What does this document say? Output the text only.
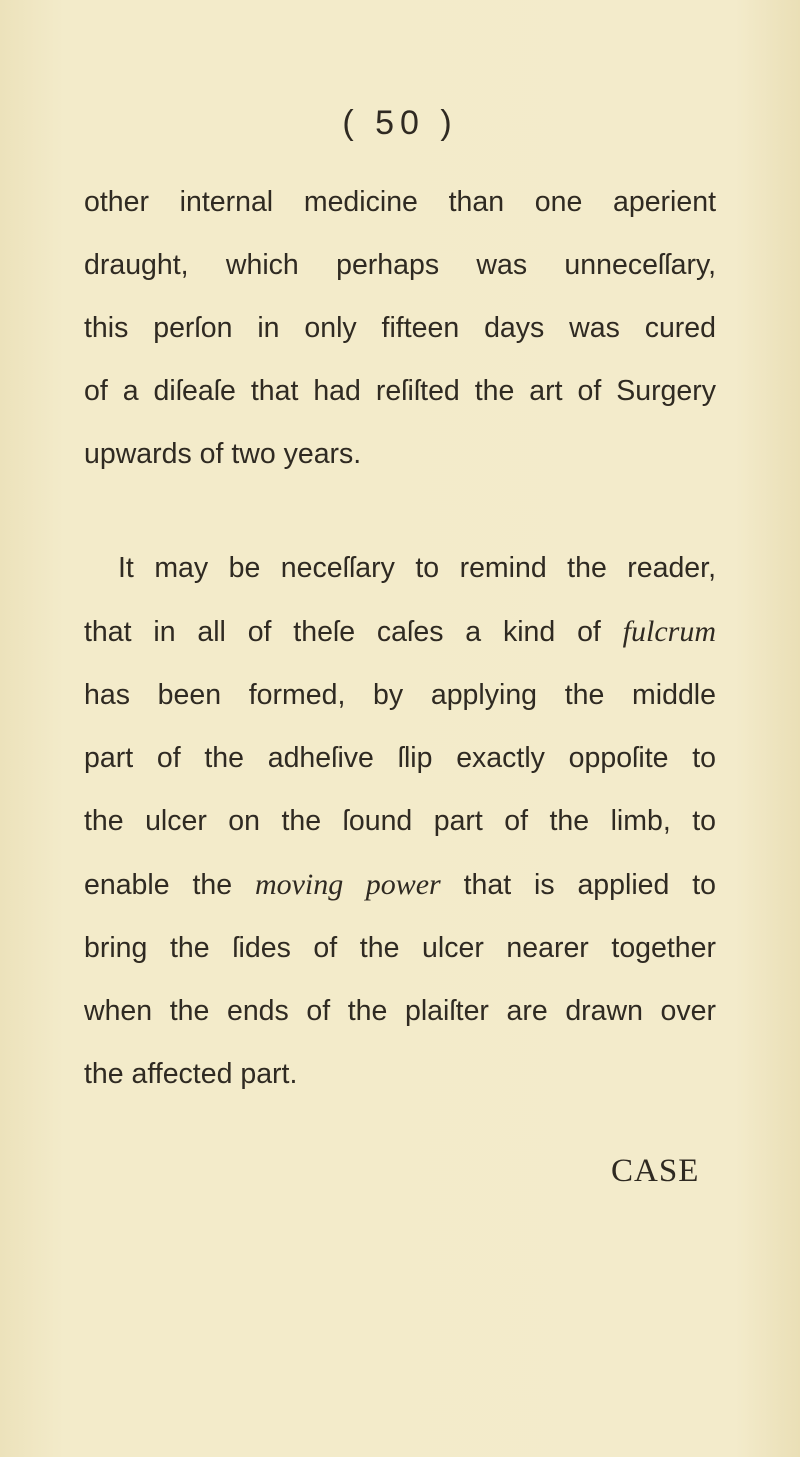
( 50 )
other internal medicine than one aperient
draught, which perhaps was unneceſſary,
this perſon in only fifteen days was cured
of a diſeaſe that had reſiſted the art of Surgery
upwards of two years.
It may be neceſſary to remind the reader,
that in all of theſe caſes a kind of fulcrum
has been formed, by applying the middle
part of the adheſive ſlip exactly oppoſite to
the ulcer on the ſound part of the limb, to
enable the moving power that is applied to
bring the ſides of the ulcer nearer together
when the ends of the plaiſter are drawn over
the affected part.
CASE
